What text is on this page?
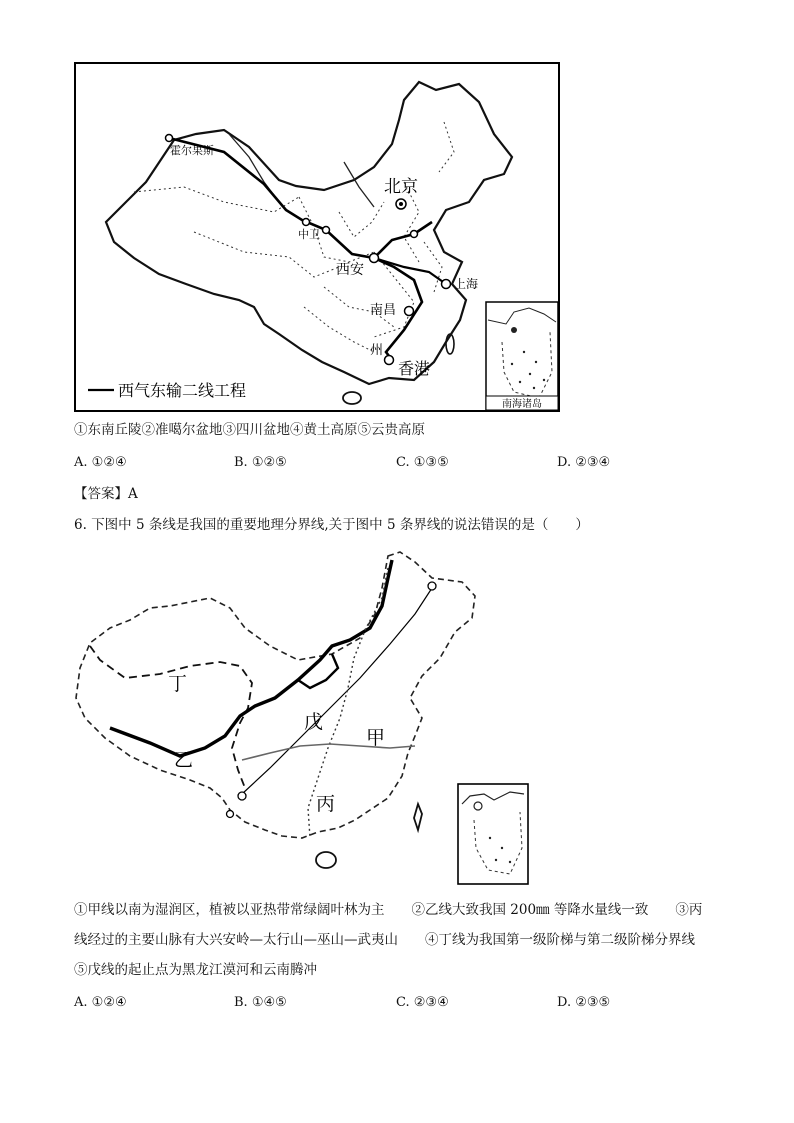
南海诸岛
霍尔果斯
中卫
北京
西安
上海
南昌
州
香港
西气东输二线工程
①东南丘陵②准噶尔盆地③四川盆地④黄土高原⑤云贵高原
A. ①②④	B. ①②⑤	C. ①③⑤	D. ②③④
【答案】A
6. 下图中 5 条线是我国的重要地理分界线,关于图中 5 条界线的说法错误的是（　　）
丁
乙
戊
甲
丙
①甲线以南为湿润区，植被以亚热带常绿阔叶林为主　　②乙线大致我国 200㎜ 等降水量线一致　　③丙
线经过的主要山脉有大兴安岭—太行山—巫山—武夷山　　④丁线为我国第一级阶梯与第二级阶梯分界线
⑤戊线的起止点为黑龙江漠河和云南腾冲
A. ①②④	B. ①④⑤	C. ②③④	D. ②③⑤
